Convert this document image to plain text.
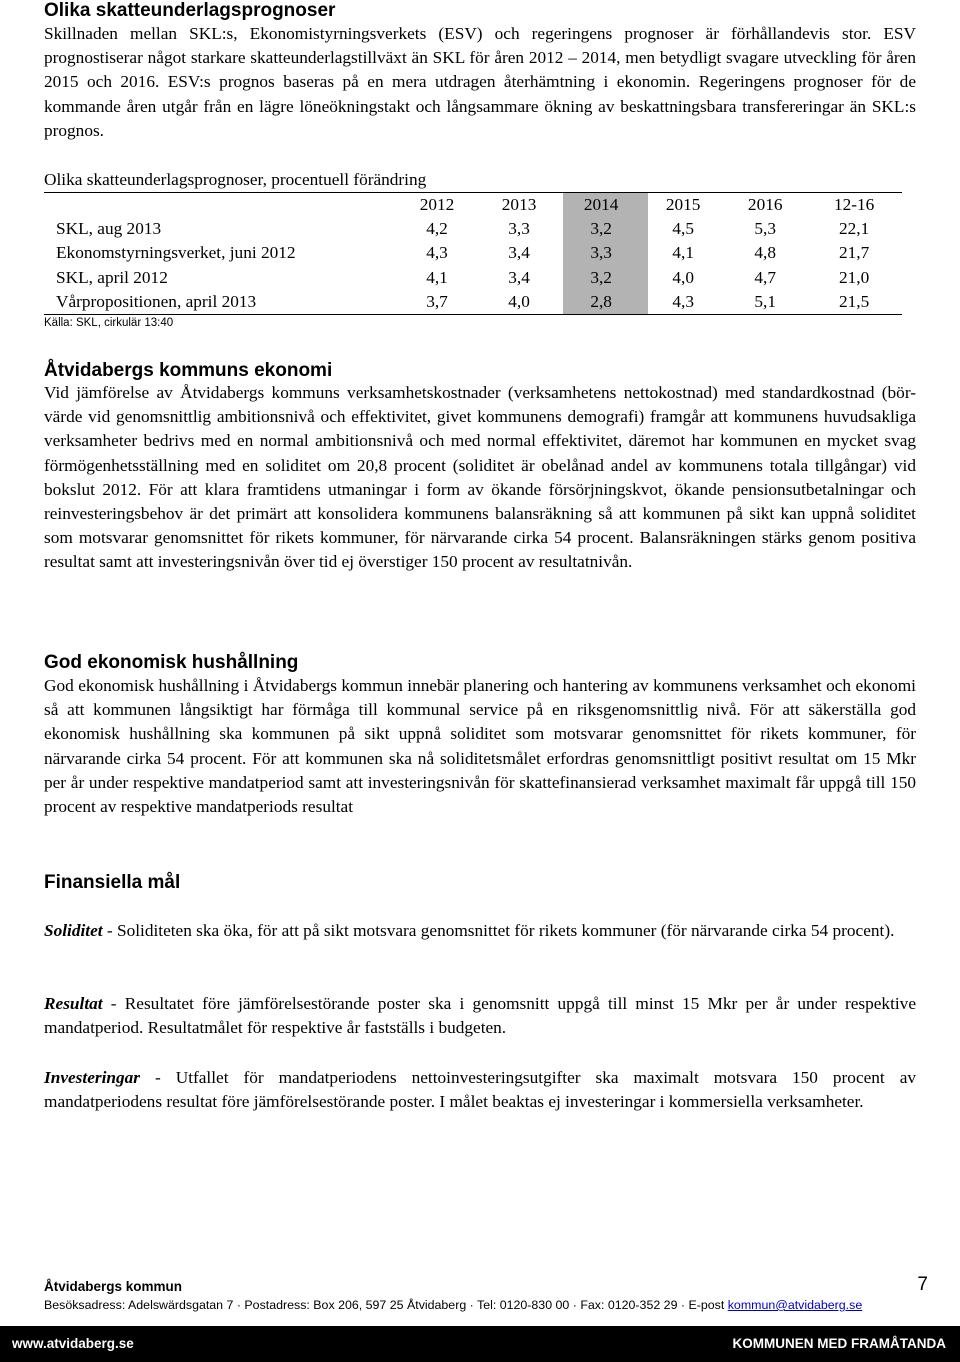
Olika skatteunderlagsprognoser

Skillnaden mellan SKL:s, Ekonomistyrningsverkets (ESV) och regeringens prognoser är förhållandevis stor. ESV prognostiserar något starkare skatteunderlagstillväxt än SKL för åren 2012 – 2014, men betydligt svagare utveckling för åren 2015 och 2016. ESV:s prognos baseras på en mera utdragen återhämtning i ekonomin. Regeringens prognoser för de kommande åren utgår från en lägre löneökningstakt och långsammare ökning av beskattningsbara transfereringar än SKL:s prognos.

Olika skatteunderlagsprognoser, procentuell förändring

	2012	2013	2014	2015	2016	12-16
SKL, aug 2013	4,2	3,3	3,2	4,5	5,3	22,1
Ekonomstyrningsverket, juni 2012	4,3	3,4	3,3	4,1	4,8	21,7
SKL, april 2012	4,1	3,4	3,2	4,0	4,7	21,0
Vårpropositionen, april 2013	3,7	4,0	2,8	4,3	5,1	21,5

Källa: SKL, cirkulär 13:40

Åtvidabergs kommuns ekonomi

Vid jämförelse av Åtvidabergs kommuns verksamhetskostnader (verksamhetens nettokostnad) med standardkostnad (bör-värde vid genomsnittlig ambitionsnivå och effektivitet, givet kommunens demografi) framgår att kommunens huvudsakliga verksamheter bedrivs med en normal ambitionsnivå och med normal effektivitet, däremot har kommunen en mycket svag förmögenhetsställning med en soliditet om 20,8 procent (soliditet är obelånad andel av kommunens totala tillgångar) vid bokslut 2012. För att klara framtidens utmaningar i form av ökande försörjningskvot, ökande pensionsutbetalningar och reinvesteringsbehov är det primärt att konsolidera kommunens balansräkning så att kommunen på sikt kan uppnå soliditet som motsvarar genomsnittet för rikets kommuner, för närvarande cirka 54 procent. Balansräkningen stärks genom positiva resultat samt att investeringsnivån över tid ej överstiger 150 procent av resultatnivån.

God ekonomisk hushållning

God ekonomisk hushållning i Åtvidabergs kommun innebär planering och hantering av kommunens verksamhet och ekonomi så att kommunen långsiktigt har förmåga till kommunal service på en riksgenomsnittlig nivå. För att säkerställa god ekonomisk hushållning ska kommunen på sikt uppnå soliditet som motsvarar genomsnittet för rikets kommuner, för närvarande cirka 54 procent. För att kommunen ska nå soliditetsmålet erfordras genomsnittligt positivt resultat om 15 Mkr per år under respektive mandatperiod samt att investeringsnivån för skattefinansierad verksamhet maximalt får uppgå till 150 procent av respektive mandatperiods resultat

Finansiella mål

Soliditet - Soliditeten ska öka, för att på sikt motsvara genomsnittet för rikets kommuner (för närvarande cirka 54 procent).

Resultat - Resultatet före jämförelsestörande poster ska i genomsnitt uppgå till minst 15 Mkr per år under respektive mandatperiod. Resultatmålet för respektive år fastställs i budgeten.

Investeringar - Utfallet för mandatperiodens nettoinvesteringsutgifter ska maximalt motsvara 150 procent av mandatperiodens resultat före jämförelsestörande poster. I målet beaktas ej investeringar i kommersiella verksamheter.

Åtvidabergs kommun	7

Besöksadress: Adelswärdsgatan 7 · Postadress: Box 206, 597 25 Åtvidaberg · Tel: 0120-830 00 · Fax: 0120-352 29 · E-post kommun@atvidaberg.se

www.atvidaberg.se	KOMMUNEN MED FRAMÅTANDA
